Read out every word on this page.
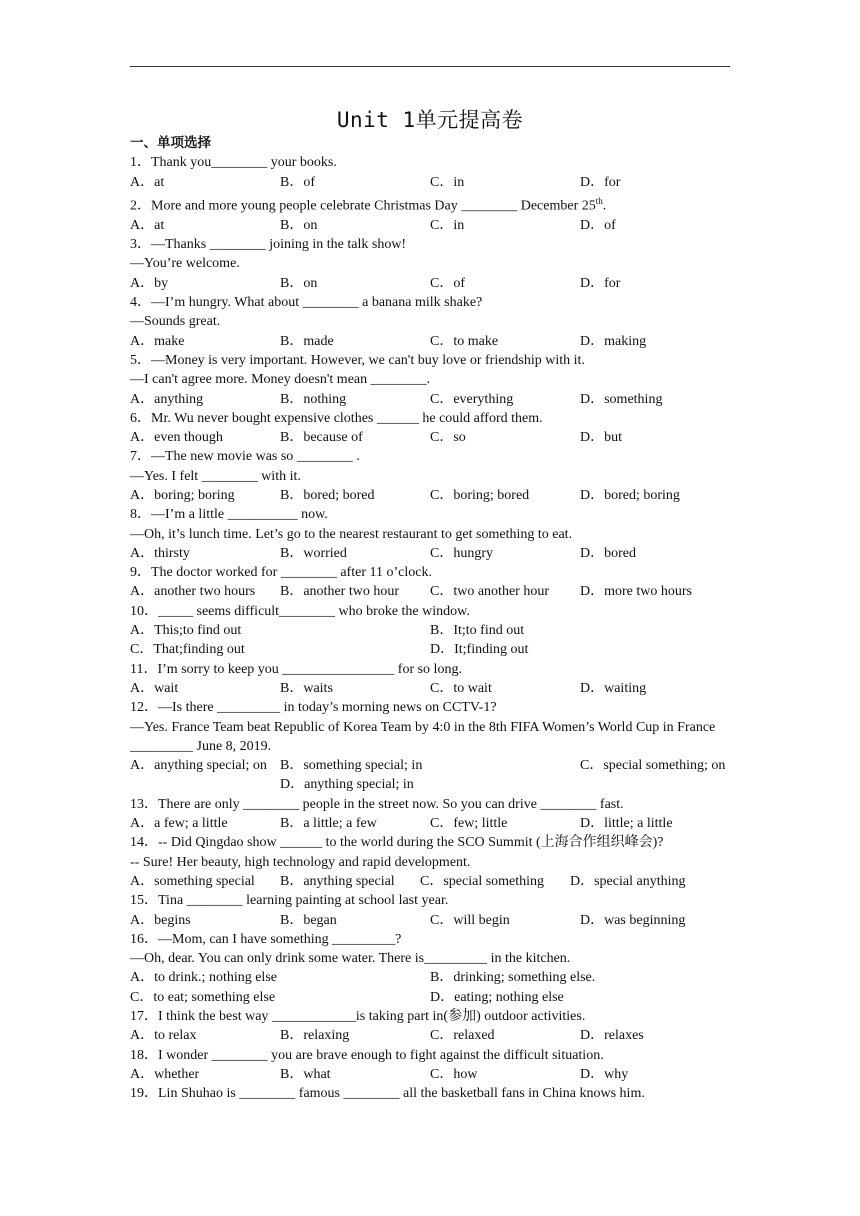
Unit 1单元提高卷
一、单项选择
1．Thank you________ your books.
A．at	B．of	C．in	D．for
2．More and more young people celebrate Christmas Day ________ December 25th.
A．at	B．on	C．in	D．of
3．—Thanks ________ joining in the talk show!
—You’re welcome.
A．by	B．on	C．of	D．for
4．—I’m hungry. What about ________ a banana milk shake?
—Sounds great.
A．make	B．made	C．to make	D．making
5．—Money is very important. However, we can't buy love or friendship with it.
—I can't agree more. Money doesn't mean ________.
A．anything	B．nothing	C．everything	D．something
6．Mr. Wu never bought expensive clothes ______ he could afford them.
A．even though	B．because of	C．so	D．but
7．—The new movie was so ________ .
—Yes. I felt ________ with it.
A．boring; boring	B．bored; bored	C．boring; bored	D．bored; boring
8．—I’m a little __________ now.
—Oh, it’s lunch time. Let’s go to the nearest restaurant to get something to eat.
A．thirsty	B．worried	C．hungry	D．bored
9．The doctor worked for ________ after 11 o’clock.
A．another two hours	B．another two hour	C．two another hour	D．more two hours
10．_____ seems difficult________ who broke the window.
A．This;to find out	B．It;to find out
C．That;finding out	D．It;finding out
11．I’m sorry to keep you ________________ for so long.
A．wait	B．waits	C．to wait	D．waiting
12．—Is there _________ in today’s morning news on CCTV-1?
—Yes. France Team beat Republic of Korea Team by 4:0 in the 8th FIFA Women’s World Cup in France _________ June 8, 2019.
A．anything special; on B．something special; in	C．special something; on
D．anything special; in
13．There are only ________ people in the street now. So you can drive ________ fast.
A．a few; a little	B．a little; a few	C．few; little	D．little; a little
14．-- Did Qingdao show ______ to the world during the SCO Summit (上海合作组织峰会)?
-- Sure! Her beauty, high technology and rapid development.
A．something special	B．anything special	C．special something	D．special anything
15．Tina ________ learning painting at school last year.
A．begins	B．began	C．will begin	D．was beginning
16．—Mom, can I have something _________?
—Oh, dear. You can only drink some water. There is_________ in the kitchen.
A．to drink.; nothing else	B．drinking; something else.
C．to eat; something else	D．eating; nothing else
17．I think the best way ____________is taking part in(参加) outdoor activities.
A．to relax	B．relaxing	C．relaxed	D．relaxes
18．I wonder ________ you are brave enough to fight against the difficult situation.
A．whether	B．what	C．how	D．why
19．Lin Shuhao is ________ famous ________ all the basketball fans in China knows him.
